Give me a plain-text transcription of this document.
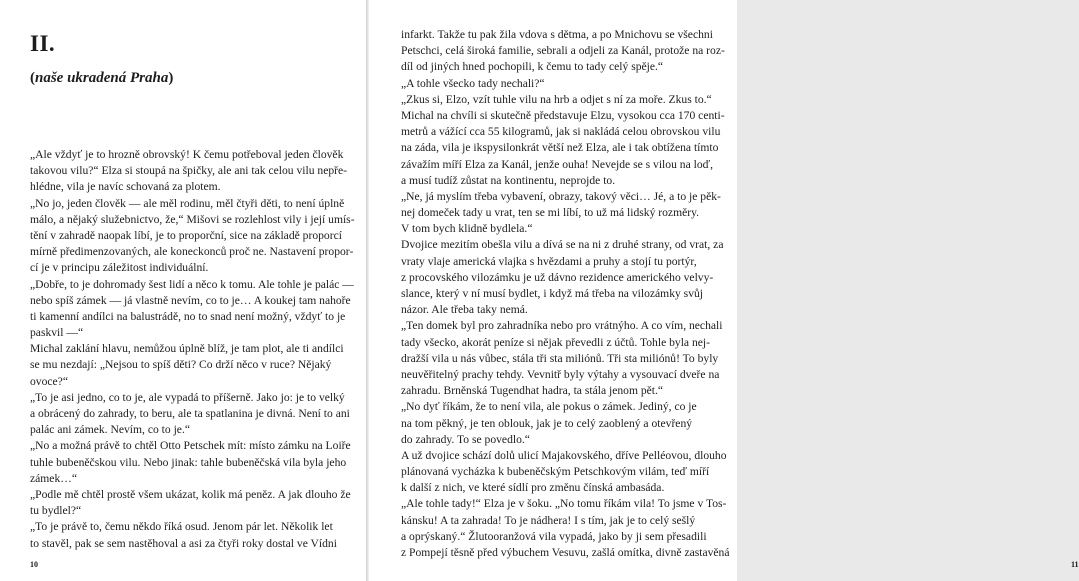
II.

(naše ukradená Praha)

„Ale vždyť je to hrozně obrovský! K čemu potřeboval jeden člověk
takovou vilu?“ Elza si stoupá na špičky, ale ani tak celou vilu nepře-
hlédne, vila je navíc schovaná za plotem.
„No jo, jeden člověk — ale měl rodinu, měl čtyři děti, to není úplně
málo, a nějaký služebnictvo, že,“ Mišovi se rozlehlost vily i její umís-
tění v zahradě naopak líbí, je to proporční, sice na základě proporcí
mírně předimenzovaných, ale koneckonců proč ne. Nastavení propor-
cí je v principu záležitost individuální.
„Dobře, to je dohromady šest lidí a něco k tomu. Ale tohle je palác —
nebo spíš zámek — já vlastně nevím, co to je… A koukej tam nahoře
ti kamenní andílci na balustrádě, no to snad není možný, vždyť to je
paskvil —“
Michal zaklání hlavu, nemůžou úplně blíž, je tam plot, ale ti andílci
se mu nezdají: „Nejsou to spíš děti? Co drží něco v ruce? Nějaký
ovoce?“
„To je asi jedno, co to je, ale vypadá to příšerně. Jako jo: je to velký
a obrácený do zahrady, to beru, ale ta spatlanina je divná. Není to ani
palác ani zámek. Nevím, co to je.“
„No a možná právě to chtěl Otto Petschek mít: místo zámku na Loiře
tuhle bubeněčskou vilu. Nebo jinak: tahle bubeněčská vila byla jeho
zámek…“
„Podle mě chtěl prostě všem ukázat, kolik má peněz. A jak dlouho že
tu bydlel?“
„To je právě to, čemu někdo říká osud. Jenom pár let. Několik let
to stavěl, pak se sem nastěhoval a asi za čtyři roky dostal ve Vídni

10	11

infarkt. Takže tu pak žila vdova s dětma, a po Mnichovu se všechni
Petschci, celá široká familie, sebrali a odjeli za Kanál, protože na roz-
díl od jiných hned pochopili, k čemu to tady celý spěje.“
„A tohle všecko tady nechali?“
„Zkus si, Elzo, vzít tuhle vilu na hrb a odjet s ní za moře. Zkus to.“
Michal na chvíli si skutečně představuje Elzu, vysokou cca 170 centi-
metrů a vážící cca 55 kilogramů, jak si nakládá celou obrovskou vilu
na záda, vila je ikspysilonkrát větší než Elza, ale i tak obtížena tímto
závažím míří Elza za Kanál, jenže ouha! Nevejde se s vilou na loď,
a musí tudíž zůstat na kontinentu, neprojde to.
„Ne, já myslím třeba vybavení, obrazy, takový věci… Jé, a to je pěk-
nej domeček tady u vrat, ten se mi líbí, to už má lidský rozměry.
V tom bych klidně bydlela.“
Dvojice mezitím obešla vilu a dívá se na ni z druhé strany, od vrat, za
vraty vlaje americká vlajka s hvězdami a pruhy a stojí tu portýr,
z procovského vilozámku je už dávno rezidence amerického velvy-
slance, který v ní musí bydlet, i když má třeba na vilozámky svůj
názor. Ale třeba taky nemá.
„Ten domek byl pro zahradníka nebo pro vrátnýho. A co vím, nechali
tady všecko, akorát peníze si nějak převedli z účtů. Tohle byla nej-
dražší vila u nás vůbec, stála tři sta miliónů. Tři sta miliónů! To byly
neuvěřitelný prachy tehdy. Vevnitř byly výtahy a vysouvací dveře na
zahradu. Brněnská Tugendhat hadra, ta stála jenom pět.“
„No dyť říkám, že to není vila, ale pokus o zámek. Jediný, co je
na tom pěkný, je ten oblouk, jak je to celý zaoblený a otevřený
do zahrady. To se povedlo.“
A už dvojice schází dolů ulicí Majakovského, dříve Pelléovou, dlouho
plánovaná vycházka k bubeněčským Petschkovým vilám, teď míří
k další z nich, ve které sídlí pro změnu čínská ambasáda.
„Ale tohle tady!“ Elza je v šoku. „No tomu říkám vila! To jsme v Tos-
kánsku! A ta zahrada! To je nádhera! I s tím, jak je to celý sešlý
a oprýskaný.“ Žlutooranžová vila vypadá, jako by ji sem přesadili
z Pompejí těsně před výbuchem Vesuvu, zašlá omítka, divně zastavěná
